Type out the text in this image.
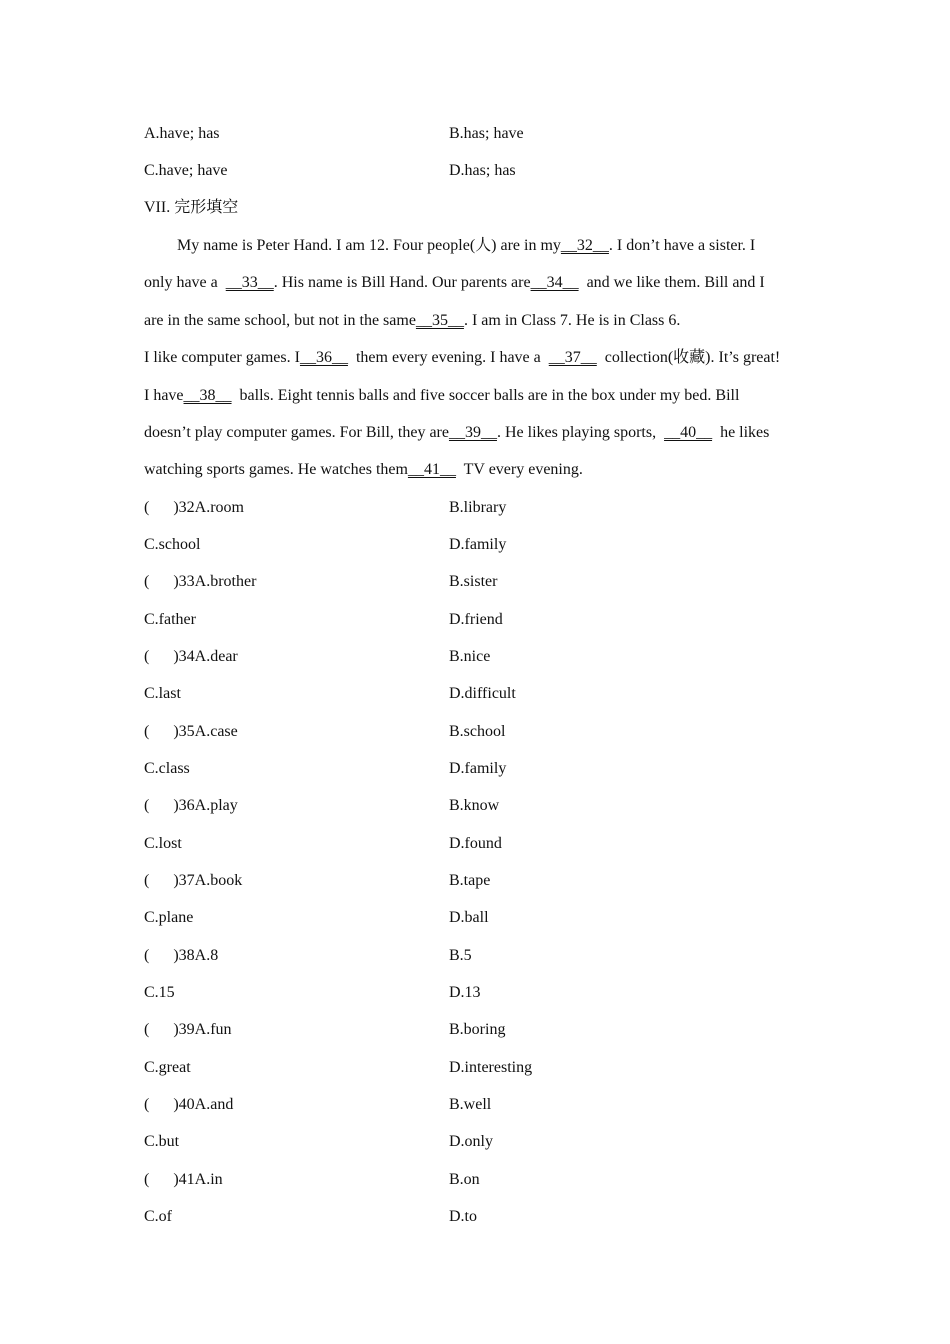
A.have; has	B.has; have
C.have; have	D.has; has
VII. 完形填空
My name is Peter Hand. I am 12. Four people(人) are in my__32__. I don’t have a sister. I
only have a  __33__. His name is Bill Hand. Our parents are__34__  and we like them. Bill and I
are in the same school, but not in the same__35__. I am in Class 7. He is in Class 6.
I like computer games. I__36__  them every evening. I have a  __37__  collection(收藏). It’s great!
I have__38__  balls. Eight tennis balls and five soccer balls are in the box under my bed. Bill
doesn’t play computer games. For Bill, they are__39__. He likes playing sports,  __40__  he likes
watching sports games. He watches them__41__  TV every evening.
(  )32A.room	B.library
C.school	D.family
(  )33A.brother	B.sister
C.father	D.friend
(  )34A.dear	B.nice
C.last	D.difficult
(  )35A.case	B.school
C.class	D.family
(  )36A.play	B.know
C.lost	D.found
(  )37A.book	B.tape
C.plane	D.ball
(  )38A.8	B.5
C.15	D.13
(  )39A.fun	B.boring
C.great	D.interesting
(  )40A.and	B.well
C.but	D.only
(  )41A.in	B.on
C.of	D.to
